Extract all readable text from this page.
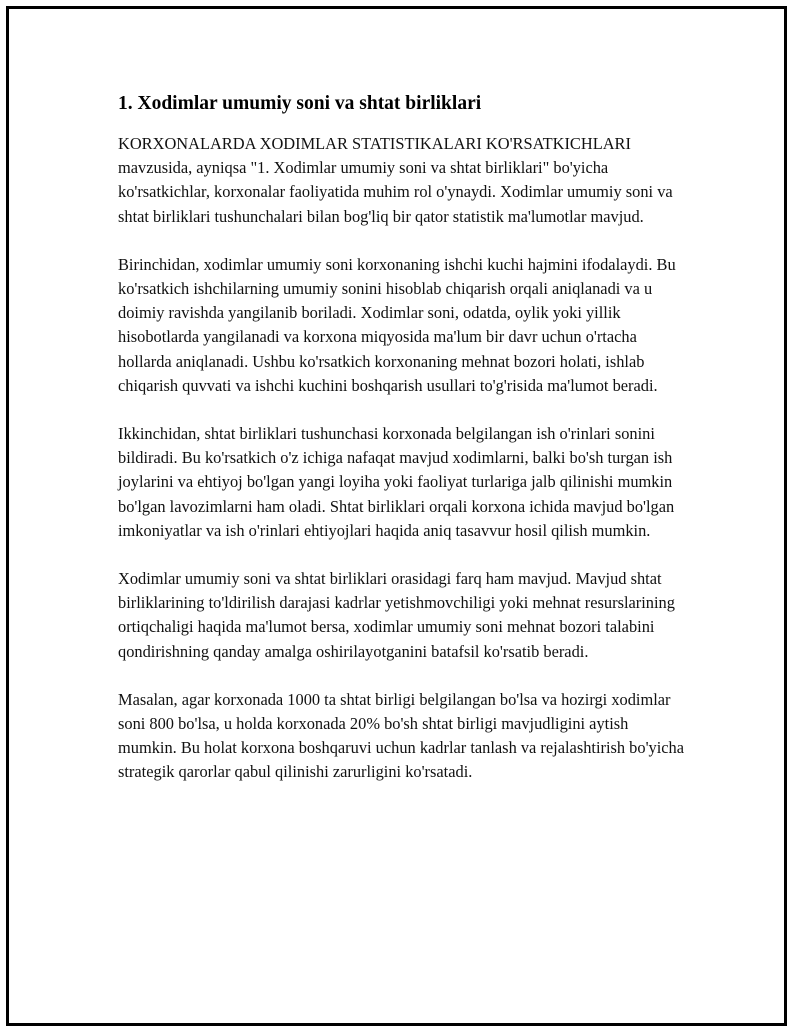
1. Xodimlar umumiy soni va shtat birliklari

KORXONALARDA XODIMLAR STATISTIKALARI KO'RSATKICHLARI mavzusida, ayniqsa "1. Xodimlar umumiy soni va shtat birliklari" bo'yicha ko'rsatkichlar, korxonalar faoliyatida muhim rol o'ynaydi. Xodimlar umumiy soni va shtat birliklari tushunchalari bilan bog'liq bir qator statistik ma'lumotlar mavjud.

Birinchidan, xodimlar umumiy soni korxonaning ishchi kuchi hajmini ifodalaydi. Bu ko'rsatkich ishchilarning umumiy sonini hisoblab chiqarish orqali aniqlanadi va u doimiy ravishda yangilanib boriladi. Xodimlar soni, odatda, oylik yoki yillik hisobotlarda yangilanadi va korxona miqyosida ma'lum bir davr uchun o'rtacha hollarda aniqlanadi. Ushbu ko'rsatkich korxonaning mehnat bozori holati, ishlab chiqarish quvvati va ishchi kuchini boshqarish usullari to'g'risida ma'lumot beradi.

Ikkinchidan, shtat birliklari tushunchasi korxonada belgilangan ish o'rinlari sonini bildiradi. Bu ko'rsatkich o'z ichiga nafaqat mavjud xodimlarni, balki bo'sh turgan ish joylarini va ehtiyoj bo'lgan yangi loyiha yoki faoliyat turlariga jalb qilinishi mumkin bo'lgan lavozimlarni ham oladi. Shtat birliklari orqali korxona ichida mavjud bo'lgan imkoniyatlar va ish o'rinlari ehtiyojlari haqida aniq tasavvur hosil qilish mumkin.

Xodimlar umumiy soni va shtat birliklari orasidagi farq ham mavjud. Mavjud shtat birliklarining to'ldirilish darajasi kadrlar yetishmovchiligi yoki mehnat resurslarining ortiqchaligi haqida ma'lumot bersa, xodimlar umumiy soni mehnat bozori talabini qondirishning qanday amalga oshirilayotganini batafsil ko'rsatib beradi.

Masalan, agar korxonada 1000 ta shtat birligi belgilangan bo'lsa va hozirgi xodimlar soni 800 bo'lsa, u holda korxonada 20% bo'sh shtat birligi mavjudligini aytish mumkin. Bu holat korxona boshqaruvi uchun kadrlar tanlash va rejalashtirish bo'yicha strategik qarorlar qabul qilinishi zarurligini ko'rsatadi.
